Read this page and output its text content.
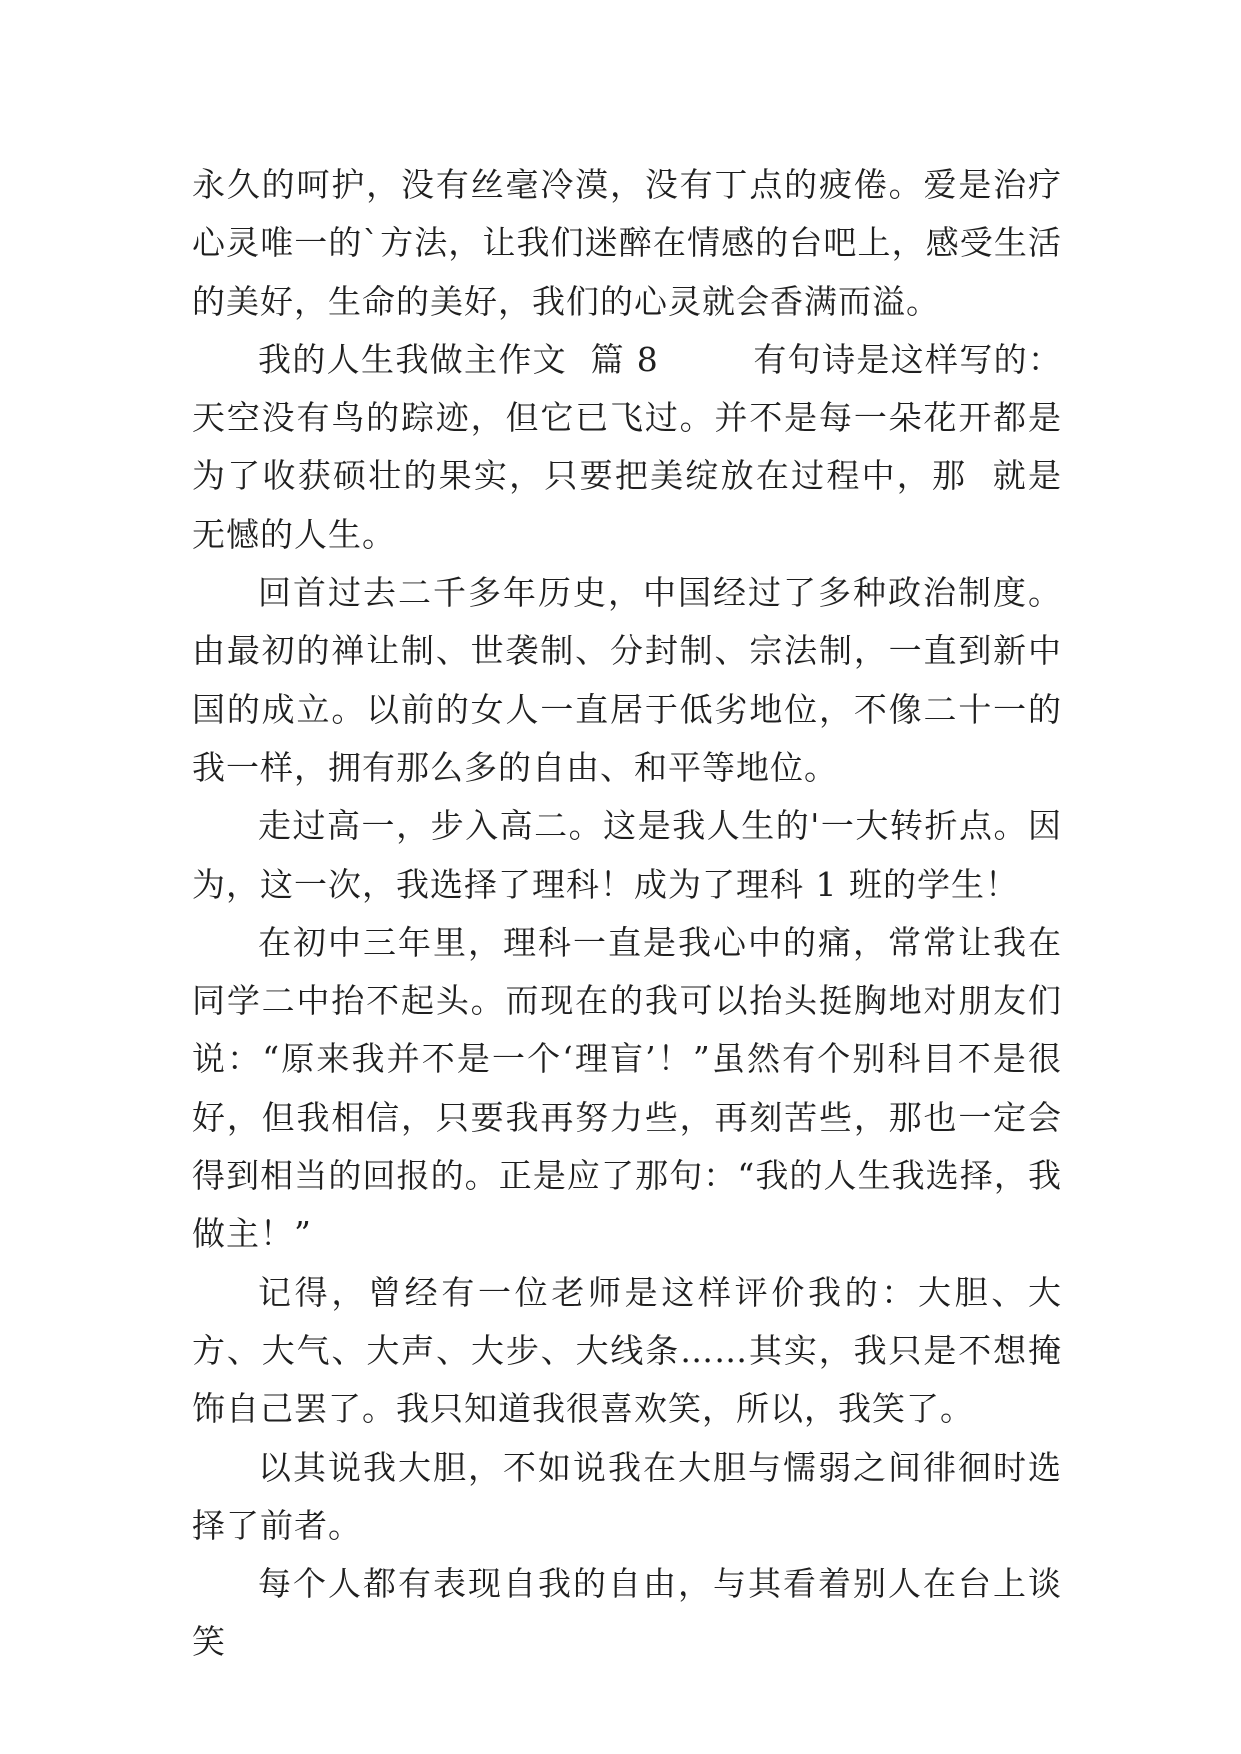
永久的呵护，没有丝毫冷漠，没有丁点的疲倦。爱是治疗心灵唯一的`方法，让我们迷醉在情感的台吧上，感受生活的美好，生命的美好，我们的心灵就会香满而溢。

我的人生我做主作文  篇 8        有句诗是这样写的：天空没有鸟的踪迹，但它已飞过。并不是每一朵花开都是为了收获硕壮的果实，只要把美绽放在过程中，那  就是无憾的人生。

回首过去二千多年历史，中国经过了多种政治制度。由最初的禅让制、世袭制、分封制、宗法制，一直到新中国的成立。以前的女人一直居于低劣地位，不像二十一的我一样，拥有那么多的自由、和平等地位。

走过高一，步入高二。这是我人生的'一大转折点。因为，这一次，我选择了理科！成为了理科 1 班的学生！

在初中三年里，理科一直是我心中的痛，常常让我在同学二中抬不起头。而现在的我可以抬头挺胸地对朋友们说：“原来我并不是一个‘理盲’！”虽然有个别科目不是很好，但我相信，只要我再努力些，再刻苦些，那也一定会得到相当的回报的。正是应了那句：“我的人生我选择，我做主！”

记得，曾经有一位老师是这样评价我的：大胆、大方、大气、大声、大步、大线条……其实，我只是不想掩饰自己罢了。我只知道我很喜欢笑，所以，我笑了。

以其说我大胆，不如说我在大胆与懦弱之间徘徊时选择了前者。

每个人都有表现自我的自由，与其看着别人在台上谈笑
